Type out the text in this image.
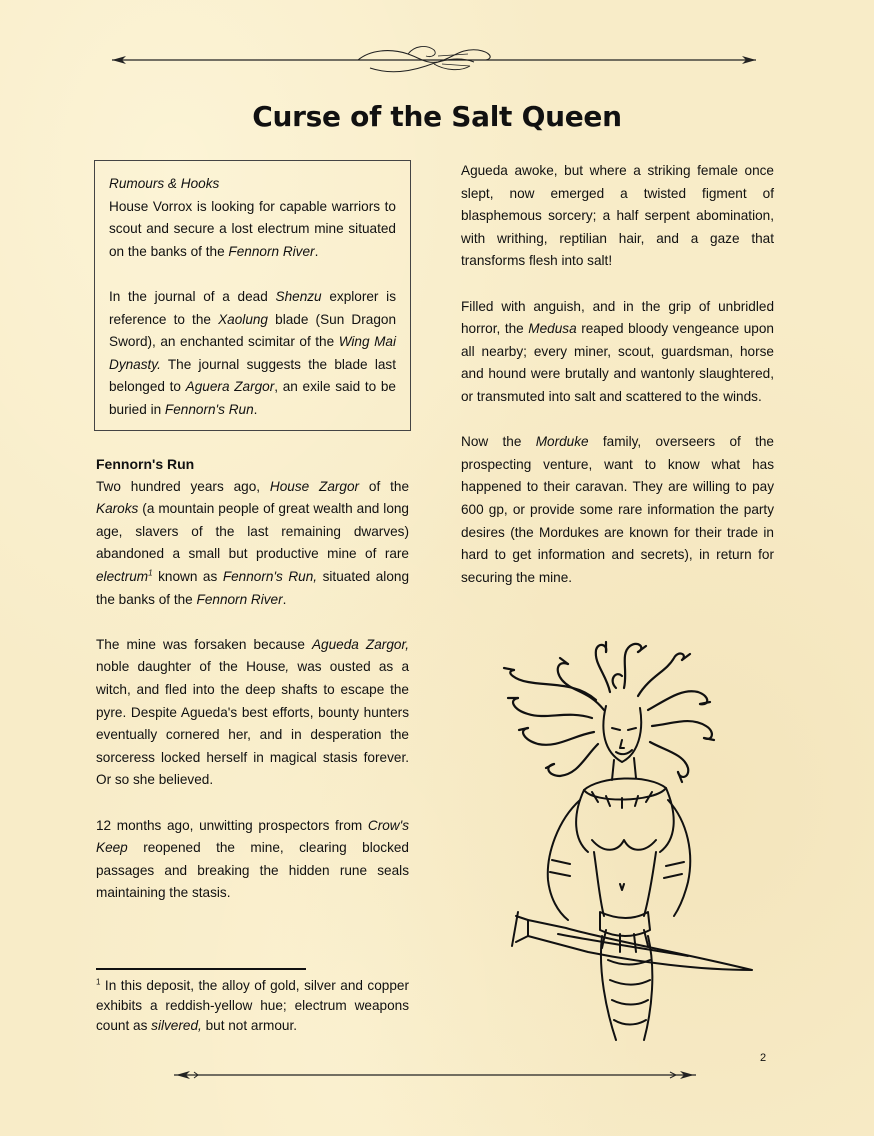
Curse of the Salt Queen

Rumours & Hooks

House Vorrox is looking for capable warriors to scout and secure a lost electrum mine situated on the banks of the Fennorn River.

In the journal of a dead Shenzu explorer is reference to the Xaolung blade (Sun Dragon Sword), an enchanted scimitar of the Wing Mai Dynasty. The journal suggests the blade last belonged to Aguera Zargor, an exile said to be buried in Fennorn's Run.

Fennorn's Run

Two hundred years ago, House Zargor of the Karoks (a mountain people of great wealth and long age, slavers of the last remaining dwarves) abandoned a small but productive mine of rare electrum$^1$ known as Fennorn's Run, situated along the banks of the Fennorn River.

The mine was forsaken because Agueda Zargor, noble daughter of the House, was ousted as a witch, and fled into the deep shafts to escape the pyre. Despite Agueda's best efforts, bounty hunters eventually cornered her, and in desperation the sorceress locked herself in magical stasis forever. Or so she believed.

12 months ago, unwitting prospectors from Crow's Keep reopened the mine, clearing blocked passages and breaking the hidden rune seals maintaining the stasis.

Agueda awoke, but where a striking female once slept, now emerged a twisted figment of blasphemous sorcery; a half serpent abomination, with writhing, reptilian hair, and a gaze that transforms flesh into salt!

Filled with anguish, and in the grip of unbridled horror, the Medusa reaped bloody vengeance upon all nearby; every miner, scout, guardsman, horse and hound were brutally and wantonly slaughtered, or transmuted into salt and scattered to the winds.

Now the Morduke family, overseers of the prospecting venture, want to know what has happened to their caravan. They are willing to pay 600 gp, or provide some rare information the party desires (the Mordukes are known for their trade in hard to get information and secrets), in return for securing the mine.

$^1$ In this deposit, the alloy of gold, silver and copper exhibits a reddish-yellow hue; electrum weapons count as silvered, but not armour.

2
